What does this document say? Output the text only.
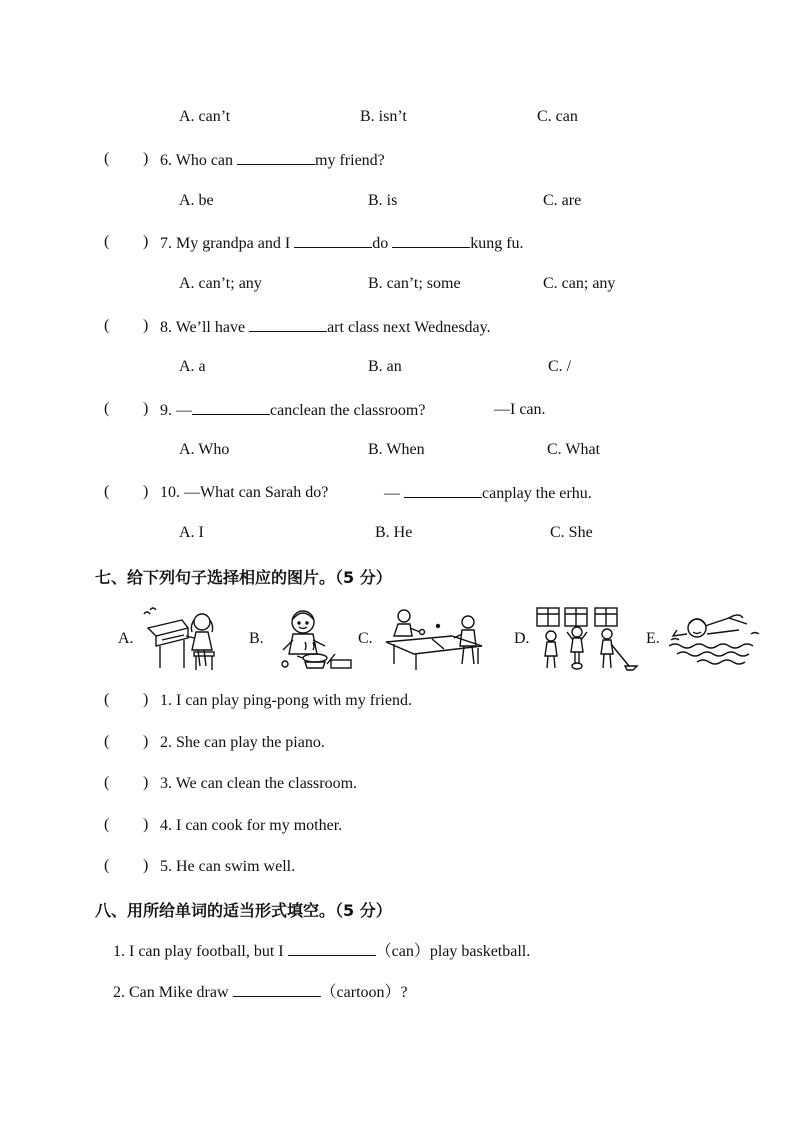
A. can’t	B. isn’t	C. can
( ) 6. Who can	my friend?
A. be	B. is	C. are
( ) 7. My grandpa and I	do	kung fu.
A. can’t; any	B. can’t; some	C. can; any
( ) 8. We’ll have	art class next Wednesday.
A. a	B. an	C. /
( ) 9. —	canclean the classroom?	—I can.
A. Who	B. When	C. What
( ) 10. —What can Sarah do?	—	canplay the erhu.
A. I	B. He	C. She
七、给下列句子选择相应的图片。（5 分）
A.	B.	C.	D.	E.
( ) 1. I can play ping-pong with my friend.
( ) 2. She can play the piano.
( ) 3. We can clean the classroom.
( ) 4. I can cook for my mother.
( ) 5. He can swim well.
八、用所给单词的适当形式填空。（5 分）
1. I can play football, but I	（can）play basketball.
2. Can Mike draw	（cartoon）?
